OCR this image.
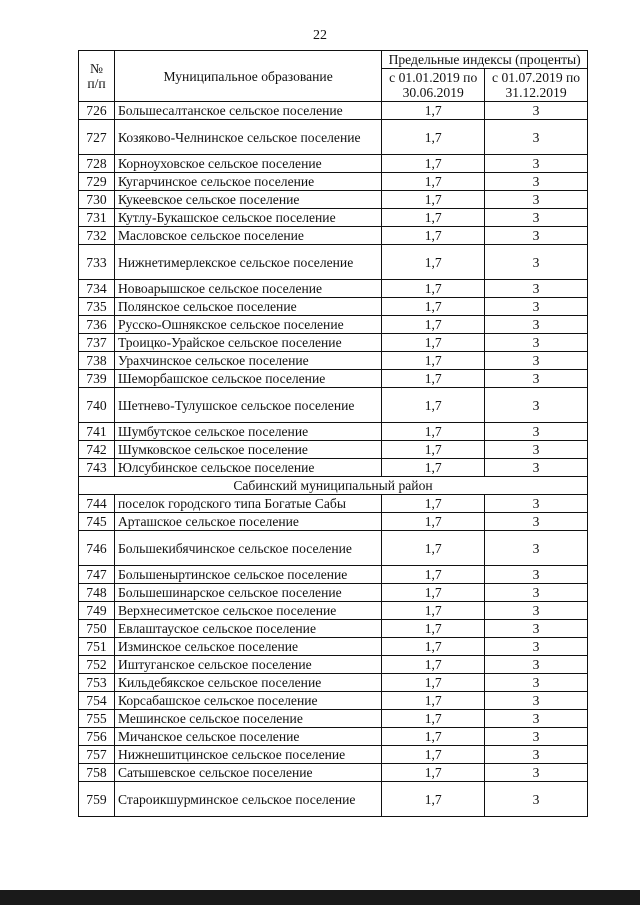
22
№
п/п	Муниципальное образование	Предельные индексы (проценты)	
		с 01.01.2019 по 30.06.2019	с 01.07.2019 по 31.12.2019
726	Большесалтанское сельское поселение	1,7	3
727	Козяково-Челнинское сельское поселение	1,7	3
728	Корноуховское сельское поселение	1,7	3
729	Кугарчинское сельское поселение	1,7	3
730	Кукеевское сельское поселение	1,7	3
731	Кутлу-Букашское сельское поселение	1,7	3
732	Масловское сельское поселение	1,7	3
733	Нижнетимерлекское сельское поселение	1,7	3
734	Новоарышское сельское поселение	1,7	3
735	Полянское сельское поселение	1,7	3
736	Русско-Ошнякское сельское поселение	1,7	3
737	Троицко-Урайское сельское поселение	1,7	3
738	Урахчинское сельское поселение	1,7	3
739	Шеморбашское сельское поселение	1,7	3
740	Шетнево-Тулушское сельское поселение	1,7	3
741	Шумбутское сельское поселение	1,7	3
742	Шумковское сельское поселение	1,7	3
743	Юлсубинское сельское поселение	1,7	3
Сабинский муниципальный район			
744	поселок городского типа Богатые Сабы	1,7	3
745	Арташское сельское поселение	1,7	3
746	Большекибячинское сельское поселение	1,7	3
747	Большеныртинское сельское поселение	1,7	3
748	Большешинарское сельское поселение	1,7	3
749	Верхнесиметское сельское поселение	1,7	3
750	Евлаштауское сельское поселение	1,7	3
751	Изминское сельское поселение	1,7	3
752	Иштуганское сельское поселение	1,7	3
753	Кильдебякское сельское поселение	1,7	3
754	Корсабашское сельское поселение	1,7	3
755	Мешинское сельское поселение	1,7	3
756	Мичанское сельское поселение	1,7	3
757	Нижнешитцинское сельское поселение	1,7	3
758	Сатышевское сельское поселение	1,7	3
759	Староикшурминское сельское поселение	1,7	3
